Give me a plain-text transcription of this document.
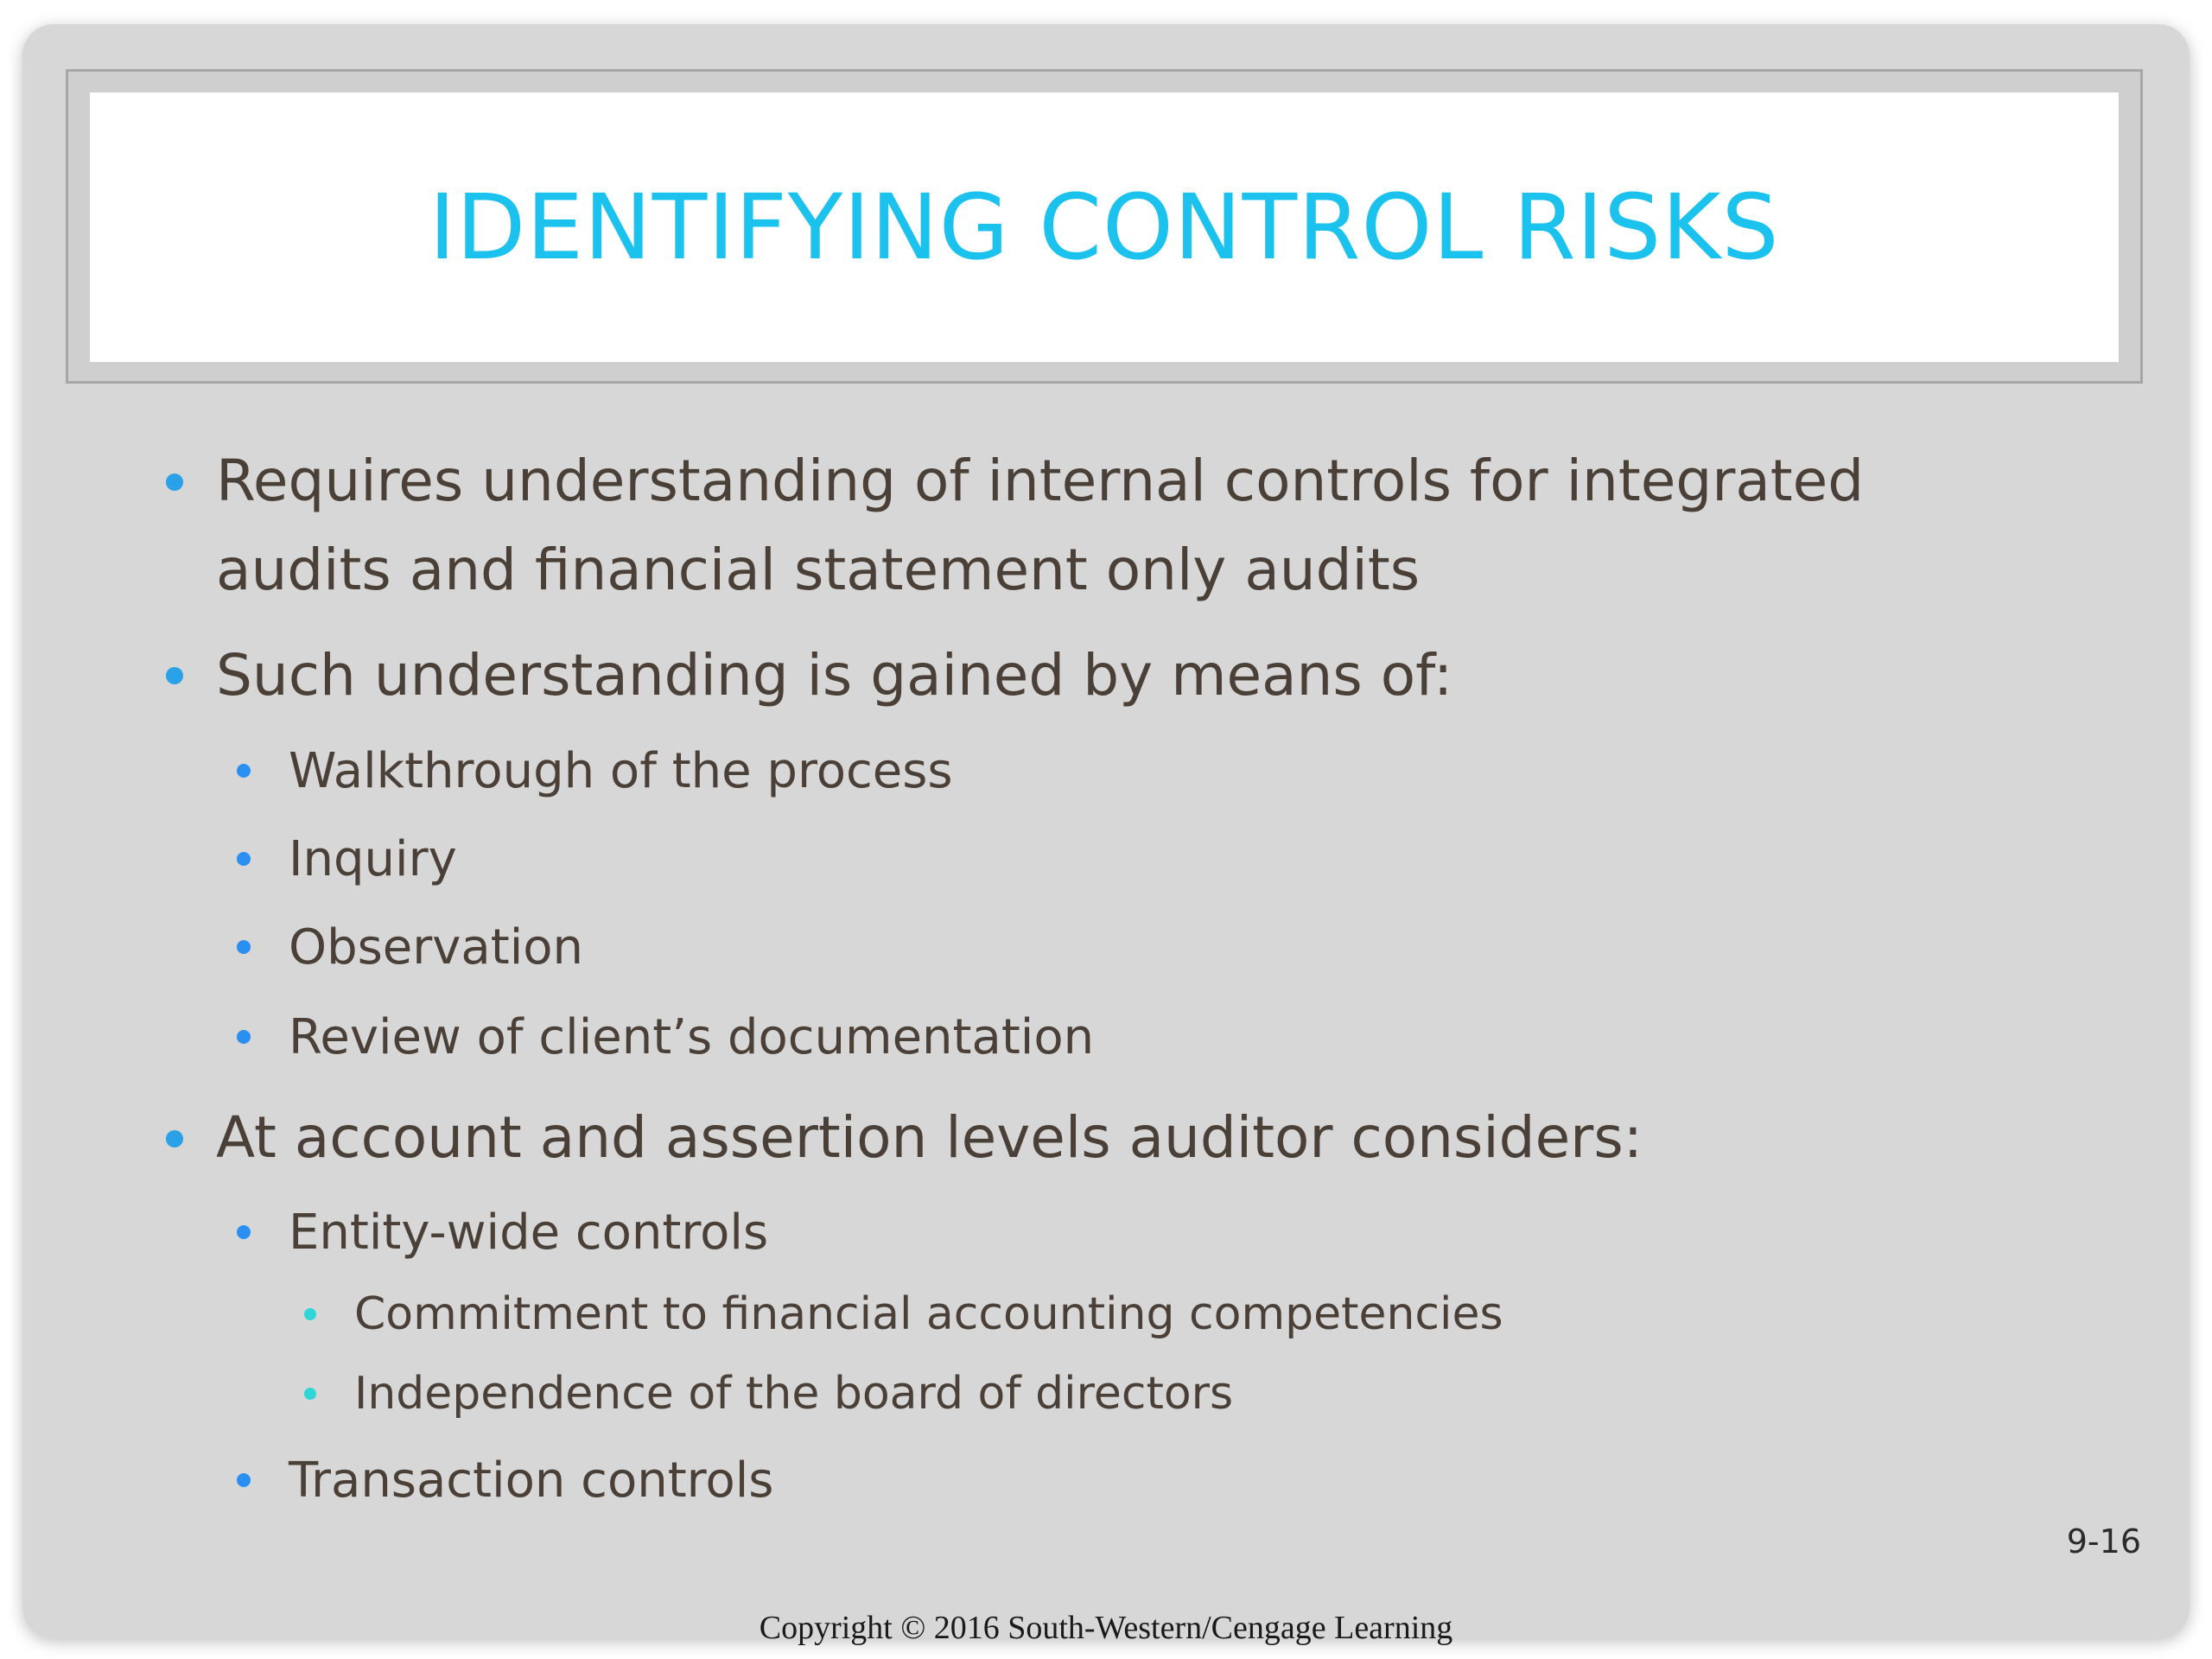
IDENTIFYING CONTROL RISKS
Requires understanding of internal controls for integrated
audits and financial statement only audits
Such understanding is gained by means of:
Walkthrough of the process
Inquiry
Observation
Review of client’s documentation
At account and assertion levels auditor considers:
Entity-wide controls
Commitment to financial accounting competencies
Independence of the board of directors
Transaction controls
9-16
Copyright © 2016 South-Western/Cengage Learning
